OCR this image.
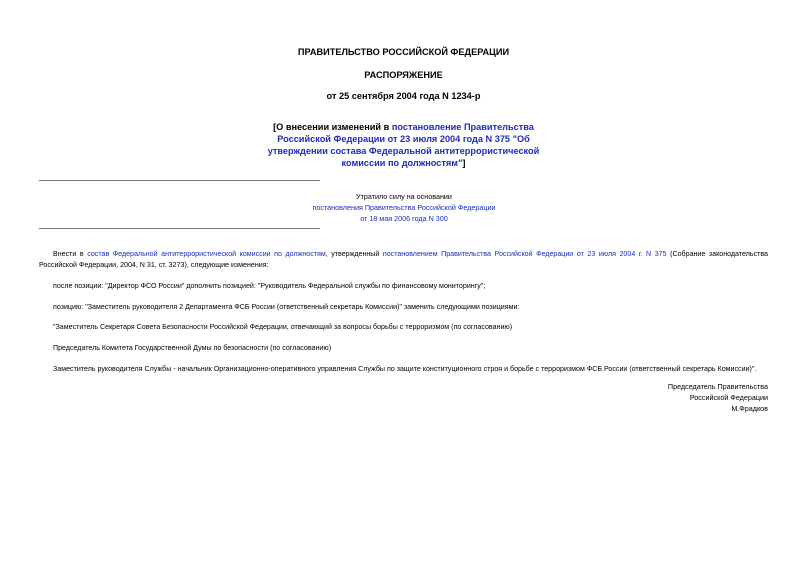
ПРАВИТЕЛЬСТВО РОССИЙСКОЙ ФЕДЕРАЦИИ
РАСПОРЯЖЕНИЕ
от 25 сентября 2004 года N 1234-р
[О внесении изменений в постановление Правительства Российской Федерации от 23 июля 2004 года N 375 "Об утверждении состава Федеральной антитеррористической комиссии по должностям"]
Утратило силу на основании
постановления Правительства Российской Федерации
от 18 мая 2006 года N 300
Внести в состав Федеральной антитеррористической комиссии по должностям, утвержденный постановлением Правительства Российской Федерации от 23 июля 2004 г. N 375 (Собрание законодательства Российской Федерации, 2004, N 31, ст. 3273), следующие изменения:
после позиции: "Директор ФСО России" дополнить позицией: "Руководитель Федеральной службы по финансовому мониторингу";
позицию: "Заместитель руководителя 2 Департамента ФСБ России (ответственный секретарь Комиссии)" заменить следующими позициями:
"Заместитель Секретаря Совета Безопасности Российской Федерации, отвечающий за вопросы борьбы с терроризмом (по согласованию)
Председатель Комитета Государственной Думы по безопасности (по согласованию)
Заместитель руководителя Службы - начальник Организационно-оперативного управления Службы по защите конституционного строя и борьбе с терроризмом ФСБ России (ответственный секретарь Комиссии)".
Председатель Правительства
Российской Федерации
М.Фрадков
